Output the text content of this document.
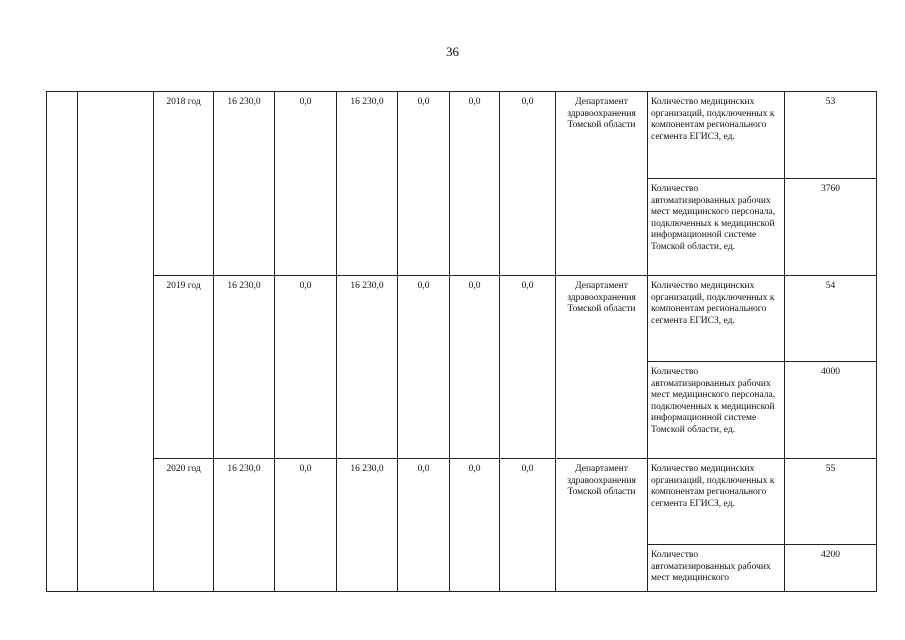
36
		2018 год	16 230,0	0,0	16 230,0	0,0	0,0	0,0	Департамент здравоохранения Томской области	Количество медицинских организаций, подключенных к компонентам регионального сегмента ЕГИСЗ, ед.	53
										Количество автоматизированных рабочих мест медицинского персонала, подключенных к медицинской информационной системе Томской области, ед.	3760
		2019 год	16 230,0	0,0	16 230,0	0,0	0,0	0,0	Департамент здравоохранения Томской области	Количество медицинских организаций, подключенных к компонентам регионального сегмента ЕГИСЗ, ед.	54
										Количество автоматизированных рабочих мест медицинского персонала, подключенных к медицинской информационной системе Томской области, ед.	4000
		2020 год	16 230,0	0,0	16 230,0	0,0	0,0	0,0	Департамент здравоохранения Томской области	Количество медицинских организаций, подключенных к компонентам регионального сегмента ЕГИСЗ, ед.	55
										Количество автоматизированных рабочих мест медицинского	4200
